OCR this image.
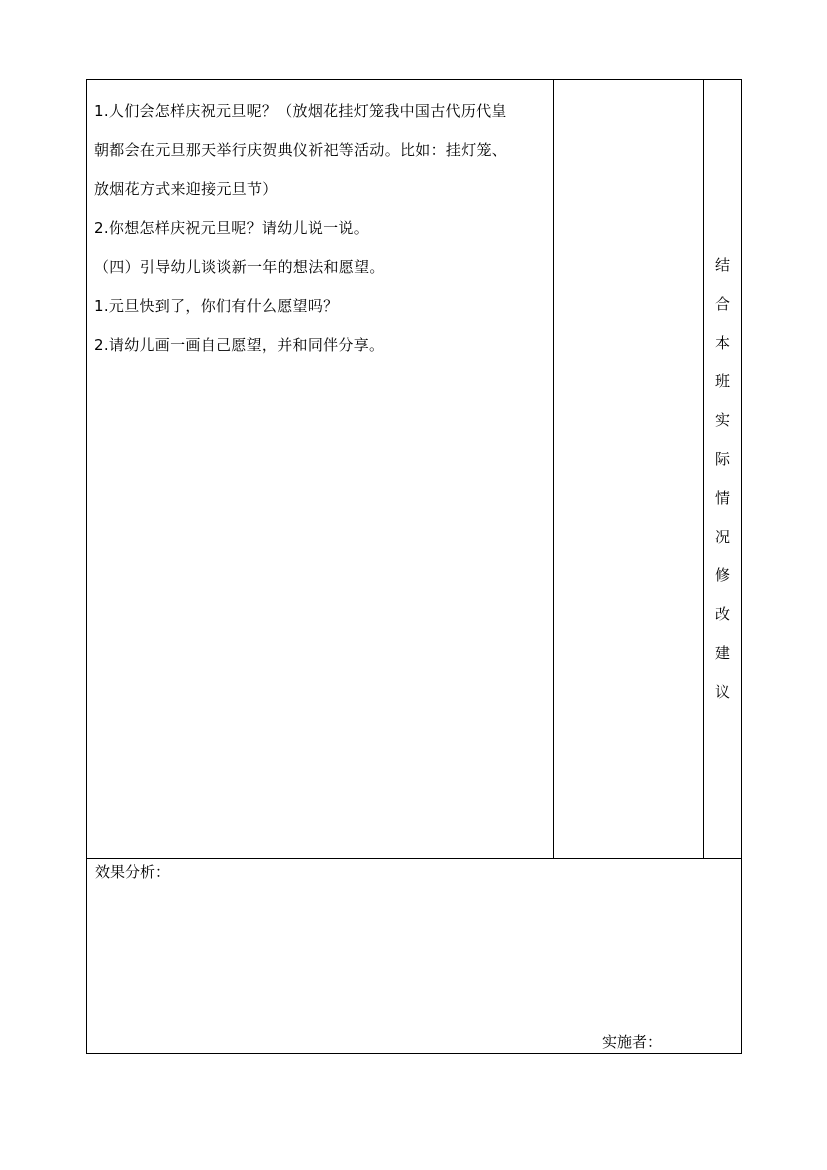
1.人们会怎样庆祝元旦呢？（放烟花挂灯笼我中国古代历代皇
朝都会在元旦那天举行庆贺典仪祈祀等活动。比如：挂灯笼、
放烟花方式来迎接元旦节）
2.你想怎样庆祝元旦呢？请幼儿说一说。
（四）引导幼儿谈谈新一年的想法和愿望。
1.元旦快到了，你们有什么愿望吗？
2.请幼儿画一画自己愿望，并和同伴分享。
结
合
本
班
实
际
情
况
修
改
建
议
效果分析：
实施者：
